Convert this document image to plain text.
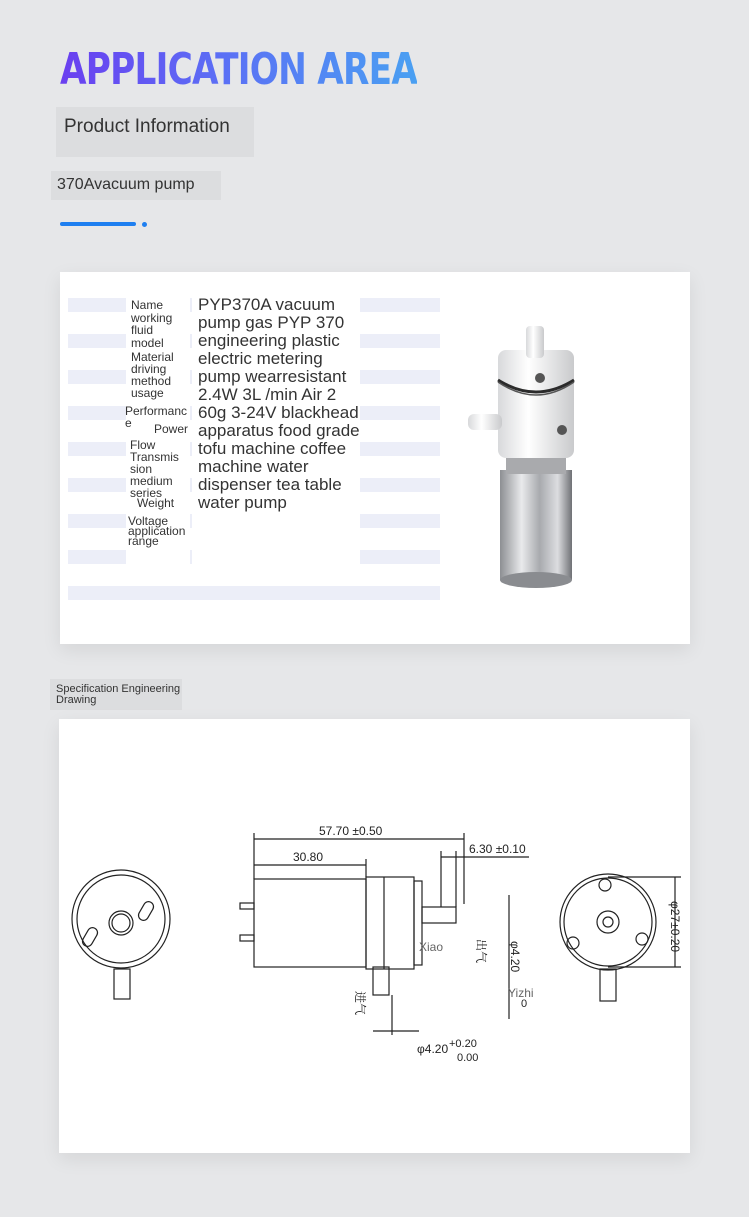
APPLICATION AREA
Product Information
370Avacuum pump
Name
working
fluid
model
Material
driving
method
usage
Performanc
e Power
Flow
Transmis
sion
medium
series
Weight
Voltage
application
range
PYP370A vacuum pump gas PYP 370 engineering plastic electric metering pump wearresistant 2.4W 3L /min Air 2 60g 3-24V blackhead apparatus food grade tofu machine coffee machine water dispenser tea table water pump
Specification Engineering Drawing
57.70 ±0.50
30.80
6.30 ±0.10
φ4.20 +0.20
0.00
0
φ4.20
φ27±0.20
进气
出气
Xiao
Yizhi
